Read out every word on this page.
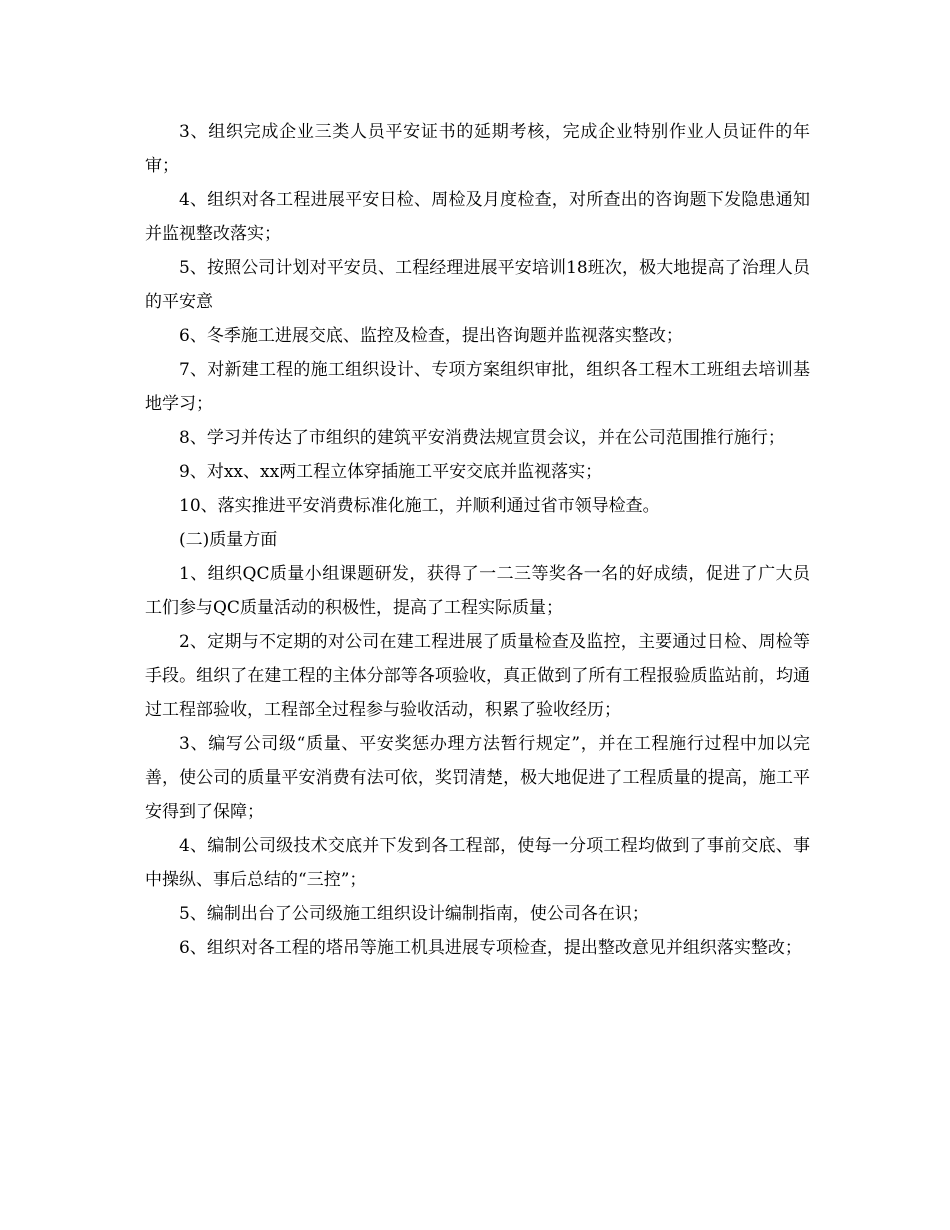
3、组织完成企业三类人员平安证书的延期考核，完成企业特别作业人员证件的年审；

4、组织对各工程进展平安日检、周检及月度检查，对所查出的咨询题下发隐患通知并监视整改落实；

5、按照公司计划对平安员、工程经理进展平安培训18班次，极大地提高了治理人员的平安意

6、冬季施工进展交底、监控及检查，提出咨询题并监视落实整改；

7、对新建工程的施工组织设计、专项方案组织审批，组织各工程木工班组去培训基地学习；

8、学习并传达了市组织的建筑平安消费法规宣贯会议，并在公司范围推行施行；

9、对xx、xx两工程立体穿插施工平安交底并监视落实；

10、落实推进平安消费标准化施工，并顺利通过省市领导检查。

(二)质量方面

1、组织QC质量小组课题研发，获得了一二三等奖各一名的好成绩，促进了广大员工们参与QC质量活动的积极性，提高了工程实际质量；

2、定期与不定期的对公司在建工程进展了质量检查及监控，主要通过日检、周检等手段。组织了在建工程的主体分部等各项验收，真正做到了所有工程报验质监站前，均通过工程部验收，工程部全过程参与验收活动，积累了验收经历；

3、编写公司级“质量、平安奖惩办理方法暂行规定”，并在工程施行过程中加以完善，使公司的质量平安消费有法可依，奖罚清楚，极大地促进了工程质量的提高，施工平安得到了保障；

4、编制公司级技术交底并下发到各工程部，使每一分项工程均做到了事前交底、事中操纵、事后总结的“三控”；

5、编制出台了公司级施工组织设计编制指南，使公司各在识；

6、组织对各工程的塔吊等施工机具进展专项检查，提出整改意见并组织落实整改；
